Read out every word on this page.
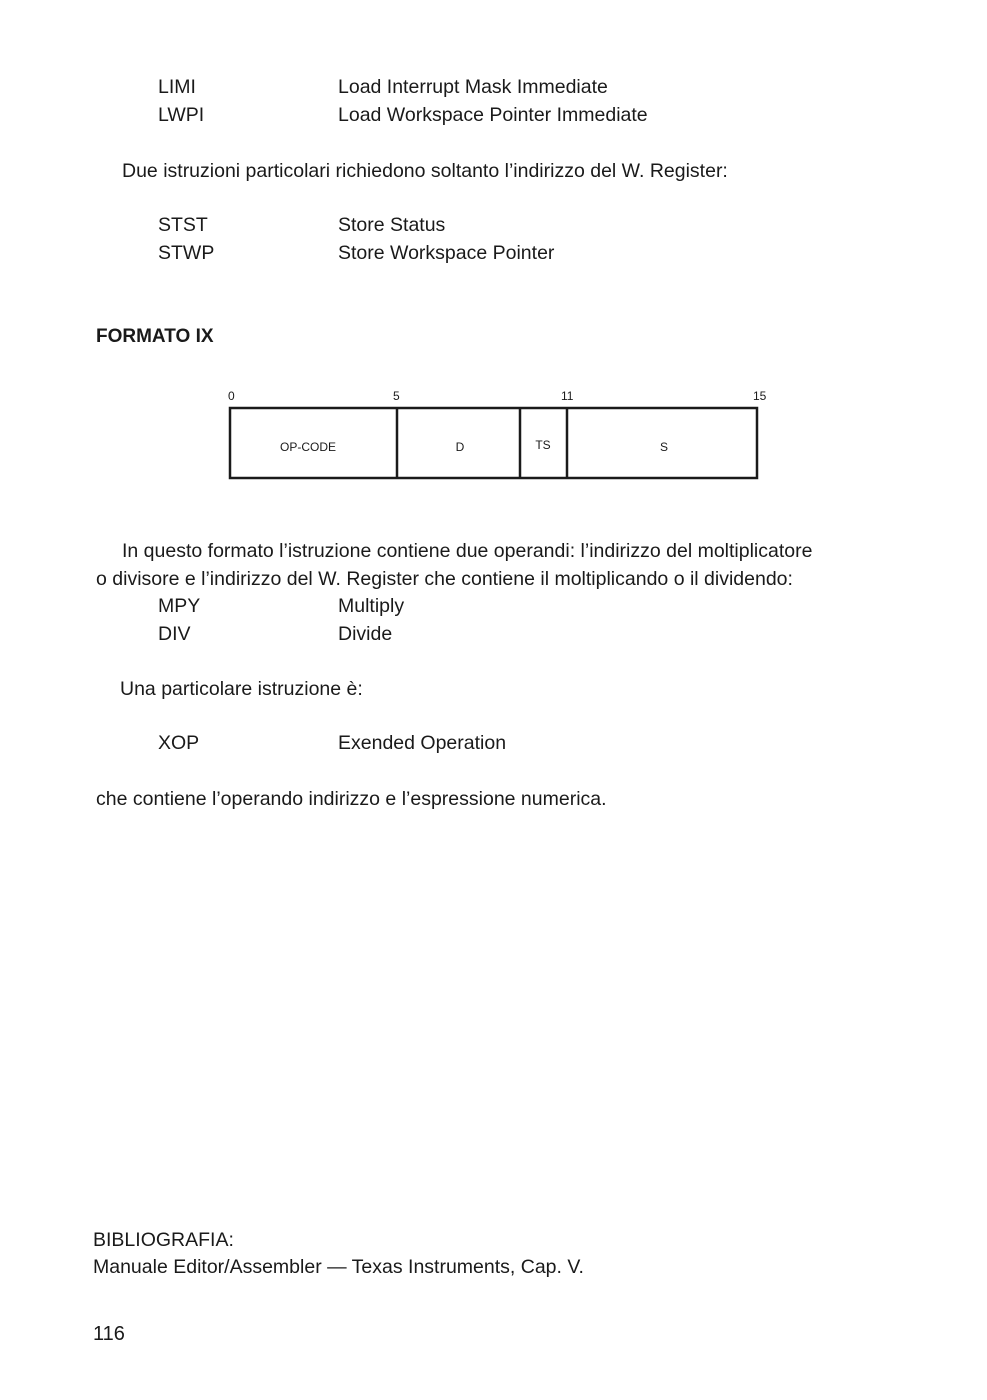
LIMI	Load Interrupt Mask Immediate
LWPI	Load Workspace Pointer Immediate
Due istruzioni particolari richiedono soltanto l’indirizzo del W. Register:
STST	Store Status
STWP	Store Workspace Pointer
FORMATO IX
0	5	11	15
OP-CODE	D	TS	S
In questo formato l’istruzione contiene due operandi: l’indirizzo del moltiplicatore
o divisore e l’indirizzo del W. Register che contiene il moltiplicando o il dividendo:
MPY	Multiply
DIV	Divide
Una particolare istruzione è:
XOP	Exended Operation
che contiene l’operando indirizzo e l’espressione numerica.
BIBLIOGRAFIA:
Manuale Editor/Assembler — Texas Instruments, Cap. V.
116
